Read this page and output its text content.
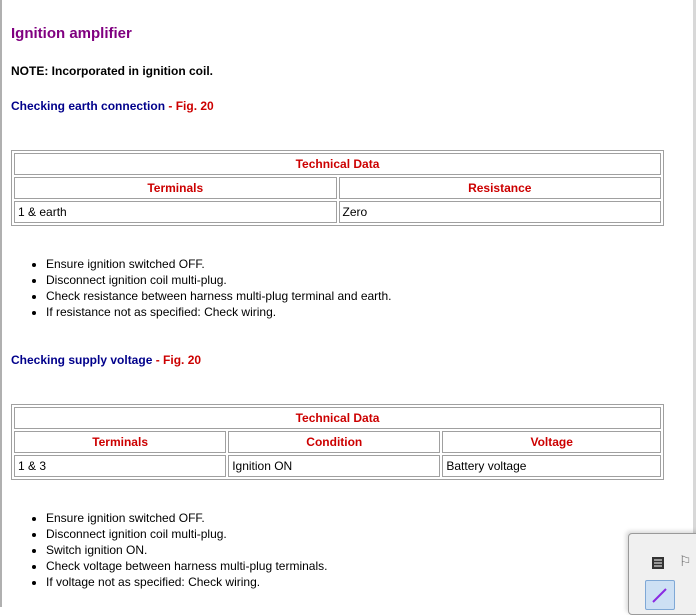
Ignition amplifier

NOTE: Incorporated in ignition coil.

Checking earth connection - Fig. 20

Technical Data	
Terminals	Resistance
1 & earth	Zero
• Ensure ignition switched OFF.
• Disconnect ignition coil multi-plug.
• Check resistance between harness multi-plug terminal and earth.
• If resistance not as specified: Check wiring.

Checking supply voltage - Fig. 20

Technical Data		
Terminals	Condition	Voltage
1 & 3	Ignition ON	Battery voltage
• Ensure ignition switched OFF.
• Disconnect ignition coil multi-plug.
• Switch ignition ON.
• Check voltage between harness multi-plug terminals.
• If voltage not as specified: Check wiring.
⚐
